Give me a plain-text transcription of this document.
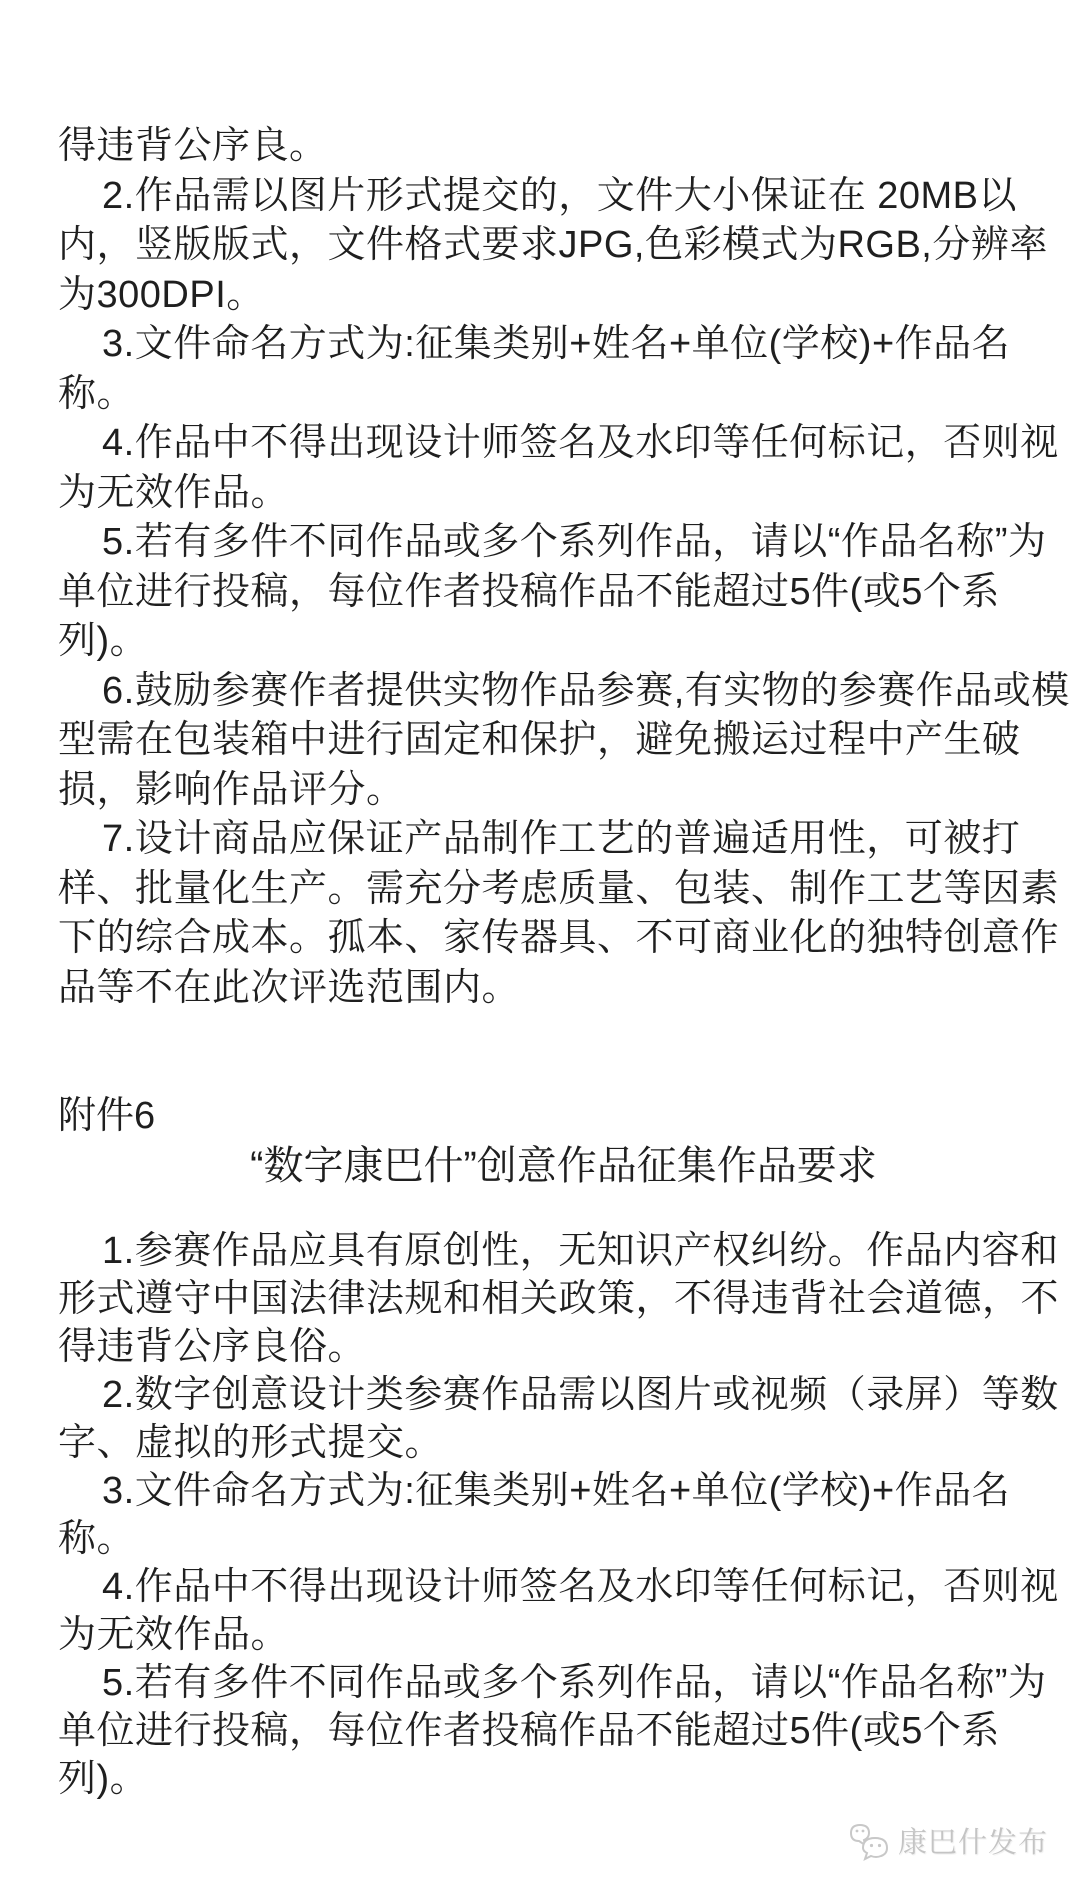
得违背公序良。
2.作品需以图片形式提交的，文件大小保证在 20MB以
内，竖版版式，文件格式要求JPG,色彩模式为RGB,分辨率
为300DPI。
3.文件命名方式为:征集类别+姓名+单位(学校)+作品名
称。
4.作品中不得出现设计师签名及水印等任何标记，否则视
为无效作品。
5.若有多件不同作品或多个系列作品，请以“作品名称”为
单位进行投稿，每位作者投稿作品不能超过5件(或5个系
列)。
6.鼓励参赛作者提供实物作品参赛,有实物的参赛作品或模
型需在包装箱中进行固定和保护，避免搬运过程中产生破
损，影响作品评分。
7.设计商品应保证产品制作工艺的普遍适用性，可被打
样、批量化生产。需充分考虑质量、包装、制作工艺等因素
下的综合成本。孤本、家传器具、不可商业化的独特创意作
品等不在此次评选范围内。
附件6
“数字康巴什”创意作品征集作品要求
1.参赛作品应具有原创性，无知识产权纠纷。作品内容和
形式遵守中国法律法规和相关政策，不得违背社会道德，不
得违背公序良俗。
2.数字创意设计类参赛作品需以图片或视频（录屏）等数
字、虚拟的形式提交。
3.文件命名方式为:征集类别+姓名+单位(学校)+作品名
称。
4.作品中不得出现设计师签名及水印等任何标记，否则视
为无效作品。
5.若有多件不同作品或多个系列作品，请以“作品名称”为
单位进行投稿，每位作者投稿作品不能超过5件(或5个系
列)。
康巴什发布
